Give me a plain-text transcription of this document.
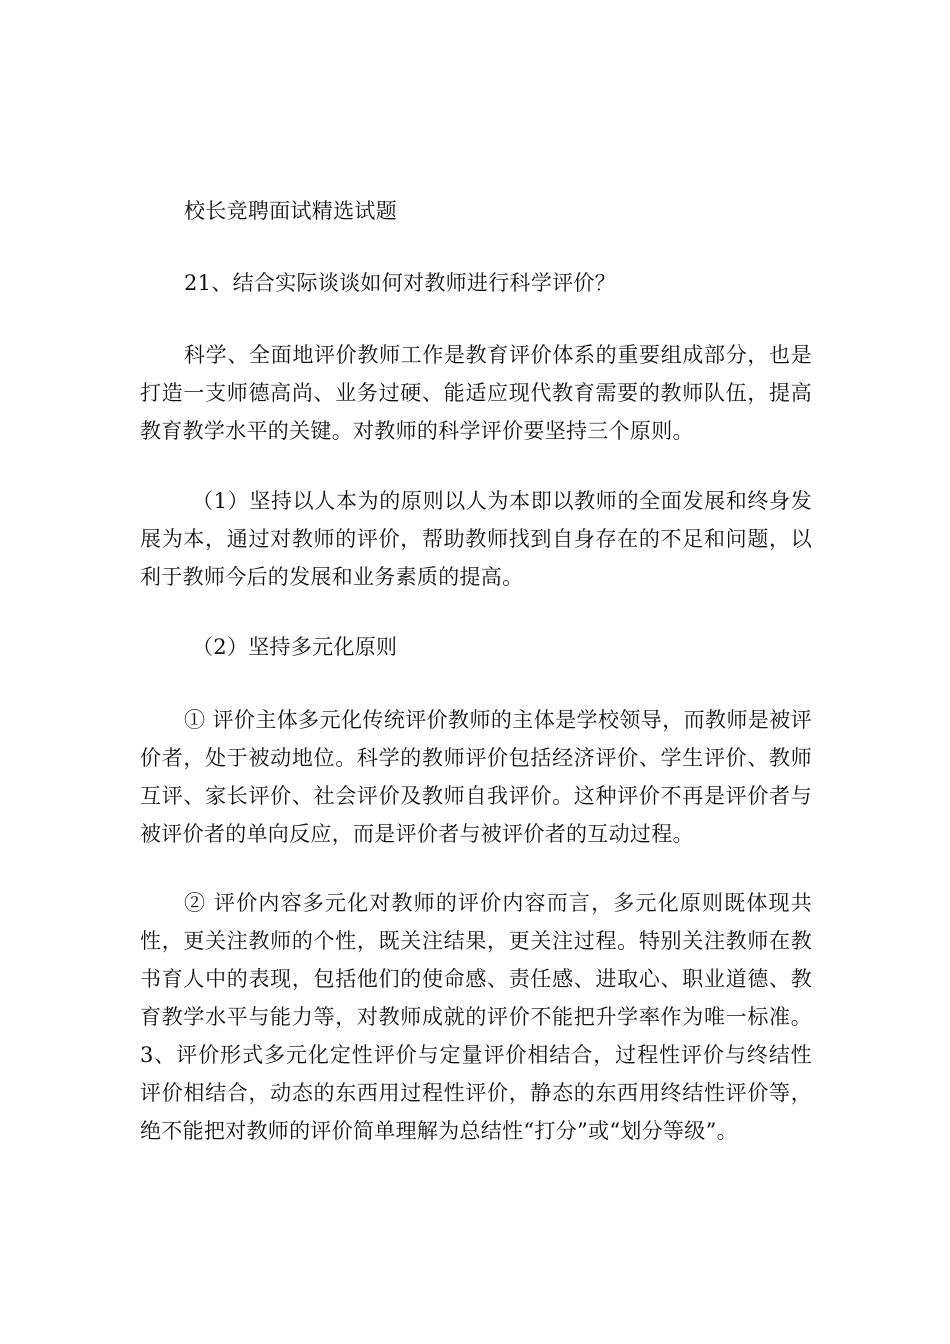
校长竞聘面试精选试题
21、结合实际谈谈如何对教师进行科学评价？
科学、全面地评价教师工作是教育评价体系的重要组成部分，也是打造一支师德高尚、业务过硬、能适应现代教育需要的教师队伍，提高教育教学水平的关键。对教师的科学评价要坚持三个原则。
（1）坚持以人本为的原则以人为本即以教师的全面发展和终身发展为本，通过对教师的评价，帮助教师找到自身存在的不足和问题，以利于教师今后的发展和业务素质的提高。
（2）坚持多元化原则
① 评价主体多元化传统评价教师的主体是学校领导，而教师是被评价者，处于被动地位。科学的教师评价包括经济评价、学生评价、教师互评、家长评价、社会评价及教师自我评价。这种评价不再是评价者与被评价者的单向反应，而是评价者与被评价者的互动过程。
② 评价内容多元化对教师的评价内容而言，多元化原则既体现共性，更关注教师的个性，既关注结果，更关注过程。特别关注教师在教书育人中的表现，包括他们的使命感、责任感、进取心、职业道德、教育教学水平与能力等，对教师成就的评价不能把升学率作为唯一标准。3、评价形式多元化定性评价与定量评价相结合，过程性评价与终结性评价相结合，动态的东西用过程性评价，静态的东西用终结性评价等，绝不能把对教师的评价简单理解为总结性“打分”或“划分等级”。
